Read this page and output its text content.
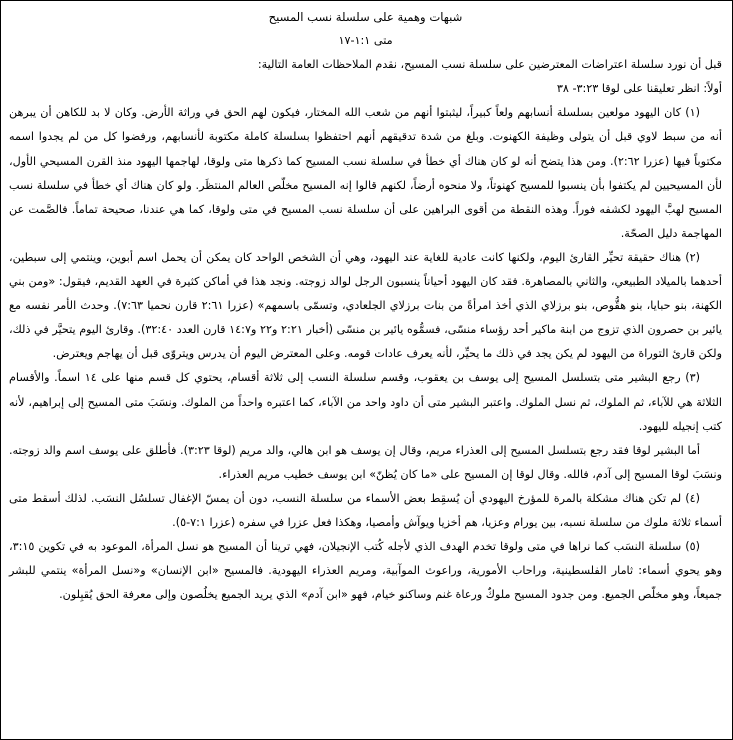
شبهات وهمية على سلسلة نسب المسيح

متى ١:١-١٧

قبل أن نورد سلسلة اعتراضات المعترضين على سلسلة نسب المسيح، نقدم الملاحظات العامة التالية:

أولاً: انظر تعليقنا على لوقا ٣:٢٣- ٣٨

(١) كان اليهود مولعين بسلسلة أنسابهم ولعاً كبيراً، ليثبتوا أنهم من شعب الله المختار، فيكون لهم الحق في وراثة الأرض. وكان لا بد للكاهن أن يبرهن أنه من سبط لاوي قبل أن يتولى وظيفة الكهنوت. وبلغ من شدة تدقيقهم أنهم احتفظوا بسلسلة كاملة مكتوبة لأنسابهم، ورفضوا كل من لم يجدوا اسمه مكتوباً فيها (عزرا ٢:٦٢). ومن هذا يتضح أنه لو كان هناك أي خطأ في سلسلة نسب المسيح كما ذكرها متى ولوقا، لهاجمها اليهود منذ القرن المسيحي الأول، لأن المسيحيين لم يكتفوا بأن ينسبوا للمسيح كهنوتاً، ولا منحوه أرضاً، لكنهم قالوا إنه المسيح مخلّص العالم المنتظَر. ولو كان هناك أي خطأ في سلسلة نسب المسيح لهبَّ اليهود لكشفه فوراً. وهذه النقطة من أقوى البراهين على أن سلسلة نسب المسيح في متى ولوقا، كما هي عندنا، صحيحة تماماً. فالصَّمت عن المهاجمة دليل الصحّة.

(٢) هناك حقيقة تحيِّر القارئ اليوم، ولكنها كانت عادية للغاية عند اليهود، وهي أن الشخص الواحد كان يمكن أن يحمل اسم أبوين، وينتمي إلى سبطين، أحدهما بالميلاد الطبيعي، والثاني بالمصاهرة. فقد كان اليهود أحياناً ينسبون الرجل لوالد زوجته. ونجد هذا في أماكن كثيرة في العهد القديم، فيقول: «ومن بني الكهنة، بنو حبايا، بنو هقُّوص، بنو برزلاي الذي أخذ امرأةً من بنات برزلاي الجلعادي، وتسمّى باسمهم» (عزرا ٢:٦١ قارن نحميا ٧:٦٣). وحدث الأمر نفسه مع يائير بن حصرون الذي تزوج من ابنة ماكير أحد رؤساء منسّى، فسمُّوه يائير بن منسّى (أخبار ٢:٢١ و٢٢ و١٤:٧ قارن العدد ٣٢:٤٠). وقارئ اليوم يتحيَّر في ذلك، ولكن قارئ التوراة من اليهود لم يكن يجد في ذلك ما يحيِّر، لأنه يعرف عادات قومه. وعلى المعترض اليوم أن يدرس ويتروّى قبل أن يهاجم ويعترض.

(٣) رجع البشير متى بتسلسل المسيح إلى يوسف بن يعقوب، وقسم سلسلة النسب إلى ثلاثة أقسام، يحتوي كل قسم منها على ١٤ اسماً. والأقسام الثلاثة هي للآباء، ثم الملوك، ثم نسل الملوك. واعتبر البشير متى أن داود واحد من الآباء، كما اعتبره واحداً من الملوك. ونسَبَ متى المسيح إلى إبراهيم، لأنه كتب إنجيله لليهود.

أما البشير لوقا فقد رجع بتسلسل المسيح إلى العذراء مريم، وقال إن يوسف هو ابن هالي، والد مريم (لوقا ٣:٢٣). فأطلق على يوسف اسم والد زوجته. ونسَبَ لوقا المسيح إلى آدم، فالله. وقال لوقا إن المسيح على «ما كان يُظنّ» ابن يوسف خطيب مريم العذراء.

(٤) لم تكن هناك مشكلة بالمرة للمؤرخ اليهودي أن يُسقِط بعض الأسماء من سلسلة النسب، دون أن يمسّ الإغفال تسلسُل النسَب. لذلك أسقط متى أسماء ثلاثة ملوك من سلسلة نسبه، بين يورام وعزيا، هم أخزيا ويوآش وأمصيا، وهكذا فعل عزرا في سفره (عزرا ٧:١-٥).

(٥) سلسلة النسَب كما نراها في متى ولوقا تخدم الهدف الذي لأجله كُتب الإنجيلان، فهي ترينا أن المسيح هو نسل المرأة، الموعود به في تكوين ٣:١٥، وهو يحوي أسماء: ثامار الفلسطينية، وراحاب الأمورية، وراعوث الموآبية، ومريم العذراء اليهودية. فالمسيح «ابن الإنسان» و«نسل المرأة» ينتمي للبشر جميعاً، وهو مخلّص الجميع. ومن جدود المسيح ملوكٌ ورعاة غنم وساكنو خيام، فهو «ابن آدم» الذي يريد الجميع يخلُصون وإلى معرفة الحق يُقبِلون.
